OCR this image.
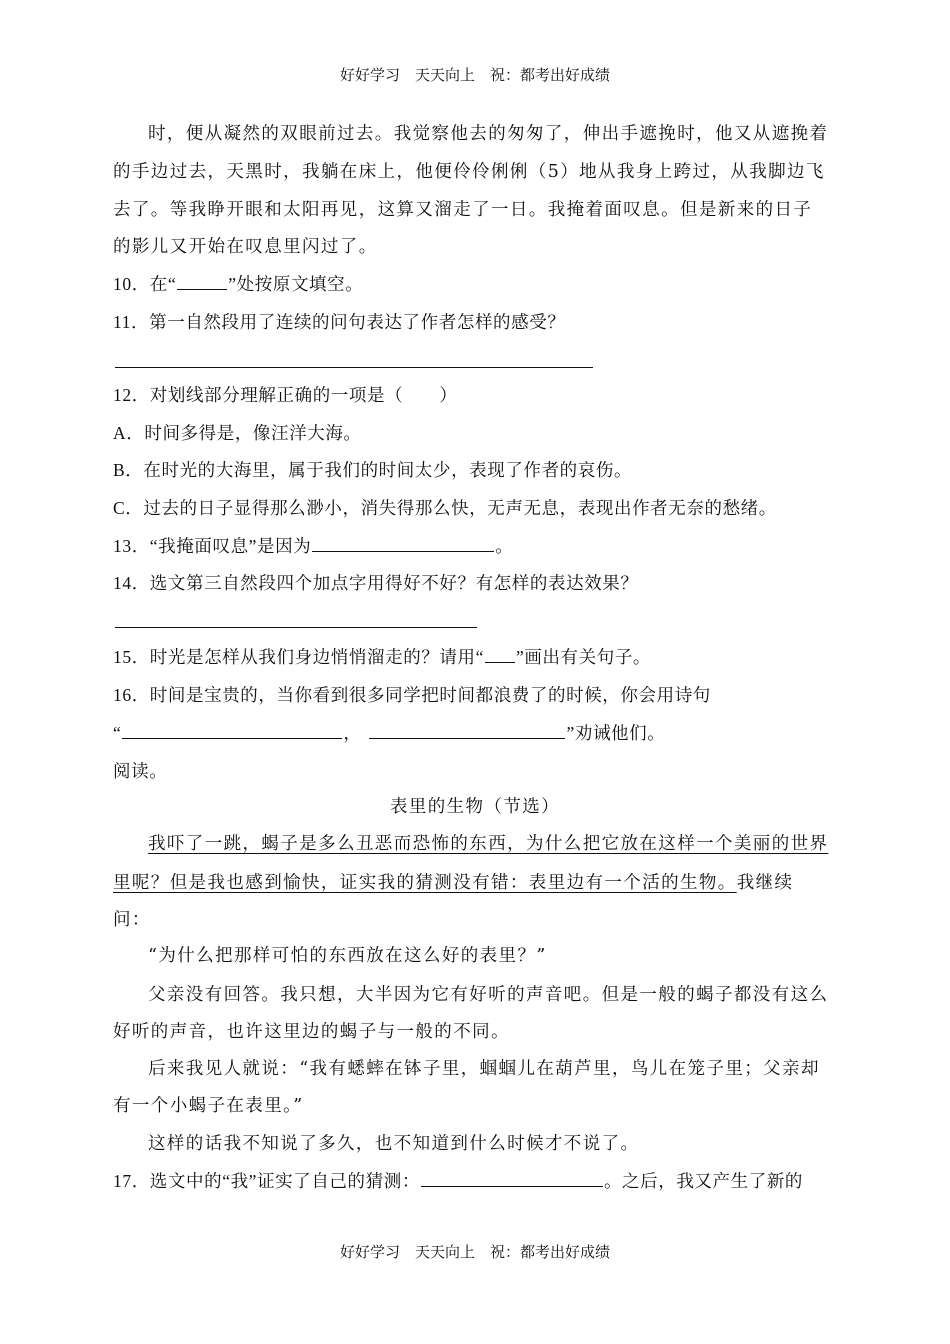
好好学习　天天向上　祝：都考出好成绩
时，便从凝然的双眼前过去。我觉察他去的匆匆了，伸出手遮挽时，他又从遮挽着
的手边过去，天黑时，我躺在床上，他便伶伶俐俐（5）地从我身上跨过，从我脚边飞
去了。等我睁开眼和太阳再见，这算又溜走了一日。我掩着面叹息。但是新来的日子
的影儿又开始在叹息里闪过了。
10．在“	”处按原文填空。
11．第一自然段用了连续的问句表达了作者怎样的感受？
12．对划线部分理解正确的一项是（　　）
A．时间多得是，像汪洋大海。
B．在时光的大海里，属于我们的时间太少，表现了作者的哀伤。
C．过去的日子显得那么渺小，消失得那么快，无声无息，表现出作者无奈的愁绪。
13．“我掩面叹息”是因为	。
14．选文第三自然段四个加点字用得好不好？有怎样的表达效果？
15．时光是怎样从我们身边悄悄溜走的？请用“ ”画出有关句子。
16．时间是宝贵的，当你看到很多同学把时间都浪费了的时候，你会用诗句
“	，	”劝诫他们。
阅读。
表里的生物（节选）
我吓了一跳，蝎子是多么丑恶而恐怖的东西，为什么把它放在这样一个美丽的世界
里呢？但是我也感到愉快，证实我的猜测没有错：表里边有一个活的生物。我继续
问：
“为什么把那样可怕的东西放在这么好的表里？”
父亲没有回答。我只想，大半因为它有好听的声音吧。但是一般的蝎子都没有这么
好听的声音，也许这里边的蝎子与一般的不同。
后来我见人就说：“我有蟋蟀在钵子里，蝈蝈儿在葫芦里，鸟儿在笼子里；父亲却
有一个小蝎子在表里。”
这样的话我不知说了多久，也不知道到什么时候才不说了。
17．选文中的“我”证实了自己的猜测：	。之后，我又产生了新的
好好学习　天天向上　祝：都考出好成绩
